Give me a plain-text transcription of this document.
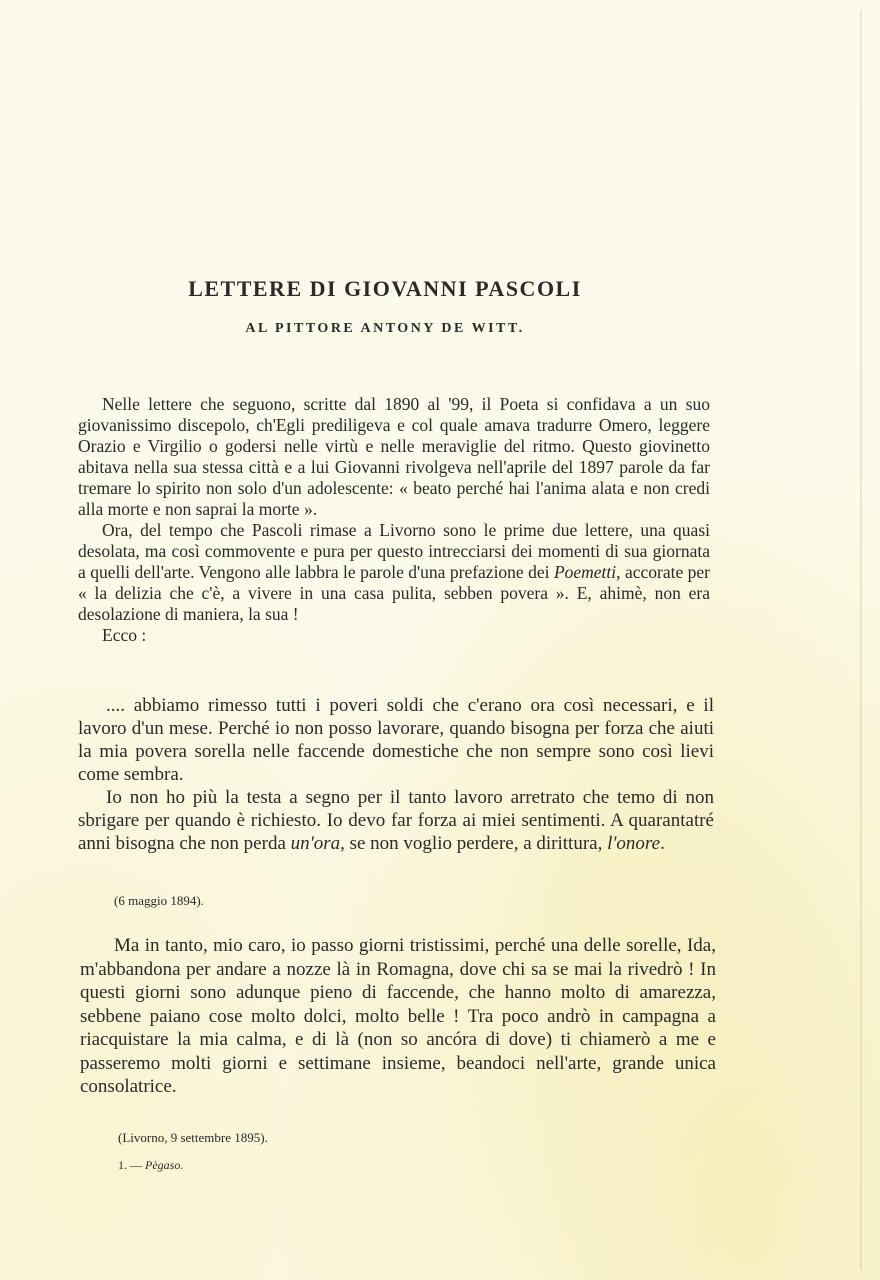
LETTERE DI GIOVANNI PASCOLI
AL PITTORE ANTONY DE WITT.

Nelle lettere che seguono, scritte dal 1890 al '99, il Poeta si confidava a un suo giovanissimo discepolo, ch'Egli prediligeva e col quale amava tradurre Omero, leggere Orazio e Virgilio o godersi nelle virtù e nelle meraviglie del ritmo. Questo giovinetto abitava nella sua stessa città e a lui Giovanni rivolgeva nell'aprile del 1897 parole da far tremare lo spirito non solo d'un adolescente: « beato perché hai l'anima alata e non credi alla morte e non saprai la morte ».

Ora, del tempo che Pascoli rimase a Livorno sono le prime due lettere, una quasi desolata, ma così commovente e pura per questo intrecciarsi dei momenti di sua giornata a quelli dell'arte. Vengono alle labbra le parole d'una prefazione dei Poemetti, accorate per « la delizia che c'è, a vivere in una casa pulita, sebben povera ». E, ahimè, non era desolazione di maniera, la sua !

Ecco :

.... abbiamo rimesso tutti i poveri soldi che c'erano ora così necessari, e il lavoro d'un mese. Perché io non posso lavorare, quando bisogna per forza che aiuti la mia povera sorella nelle faccende domestiche che non sempre sono così lievi come sembra.

Io non ho più la testa a segno per il tanto lavoro arretrato che temo di non sbrigare per quando è richiesto. Io devo far forza ai miei sentimenti. A quarantatré anni bisogna che non perda un'ora, se non voglio perdere, a dirittura, l'onore.

(6 maggio 1894).

Ma in tanto, mio caro, io passo giorni tristissimi, perché una delle sorelle, Ida, m'abbandona per andare a nozze là in Romagna, dove chi sa se mai la rivedrò ! In questi giorni sono adunque pieno di faccende, che hanno molto di amarezza, sebbene paiano cose molto dolci, molto belle ! Tra poco andrò in campagna a riacquistare la mia calma, e di là (non so ancóra di dove) ti chiamerò a me e passeremo molti giorni e settimane insieme, beandoci nell'arte, grande unica consolatrice.

(Livorno, 9 settembre 1895).
1. — Pègaso.
